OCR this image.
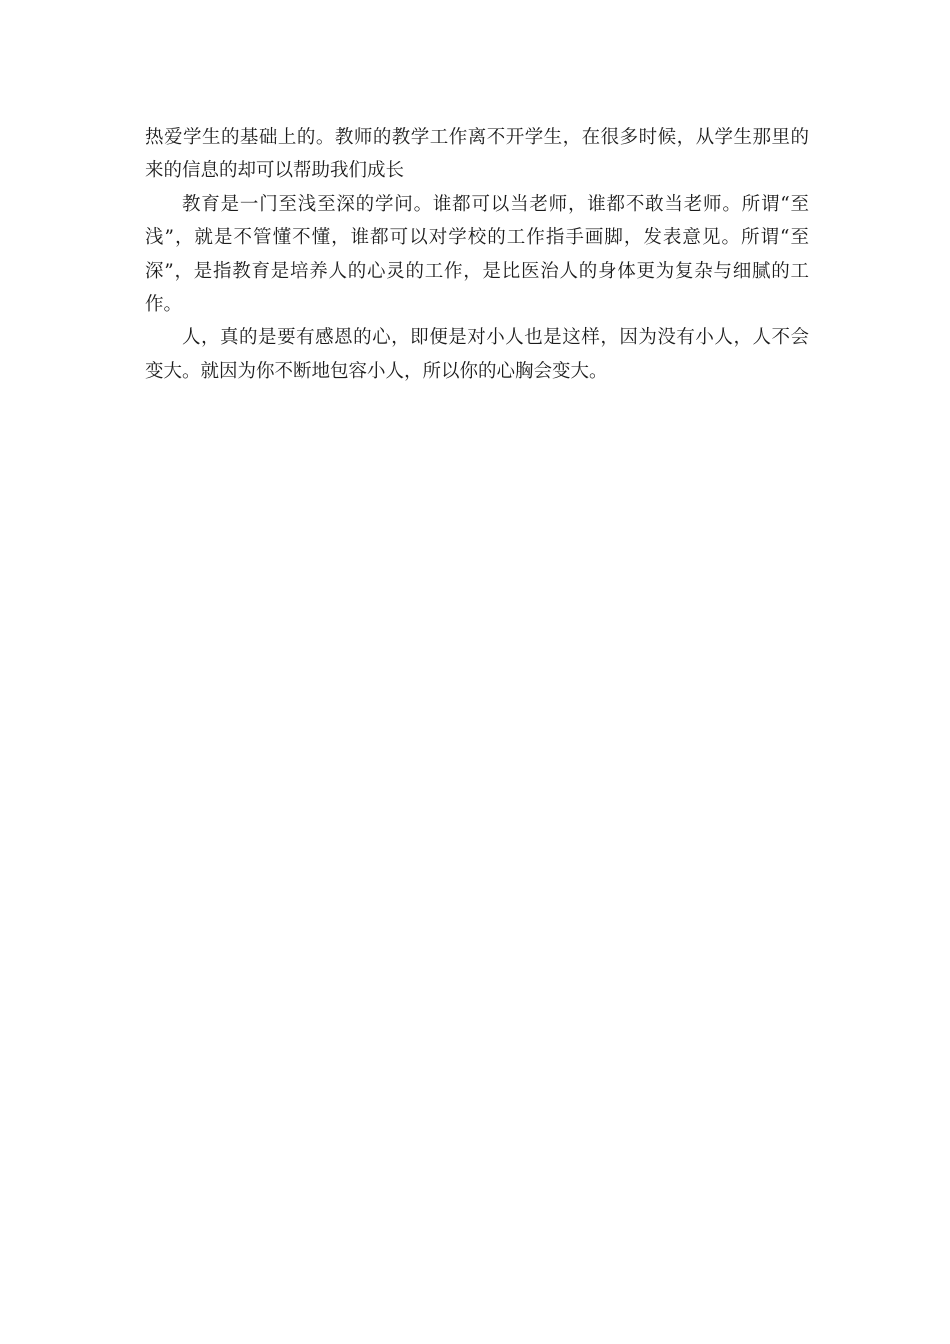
热爱学生的基础上的。教师的教学工作离不开学生，在很多时候，从学生那里的来的信息的却可以帮助我们成长

教育是一门至浅至深的学问。谁都可以当老师，谁都不敢当老师。所谓“至浅”，就是不管懂不懂，谁都可以对学校的工作指手画脚，发表意见。所谓“至深”，是指教育是培养人的心灵的工作，是比医治人的身体更为复杂与细腻的工作。

人，真的是要有感恩的心，即便是对小人也是这样，因为没有小人，人不会变大。就因为你不断地包容小人，所以你的心胸会变大。
